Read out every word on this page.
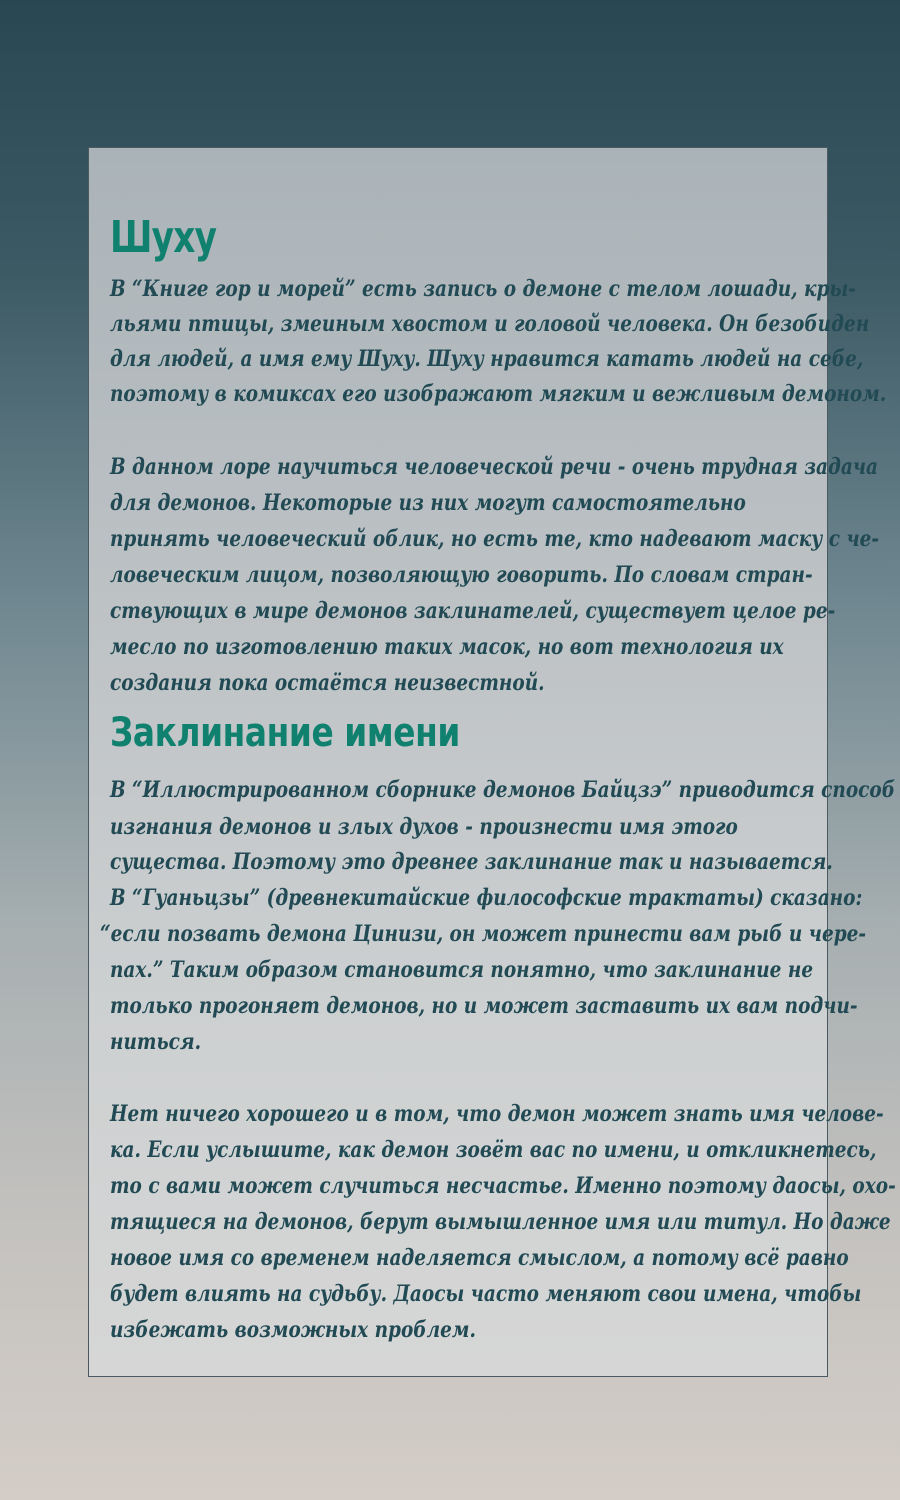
Шуху

В “Книге гор и морей” есть запись о демоне с телом лошади, кры-

льями птицы, змеиным хвостом и головой человека. Он безобиден

для людей, а имя ему Шуху. Шуху нравится катать людей на себе,

поэтому в комиксах его изображают мягким и вежливым демоном.

В данном лоре научиться человеческой речи - очень трудная задача

для демонов. Некоторые из них могут самостоятельно

принять человеческий облик, но есть те, кто надевают маску с че-

ловеческим лицом, позволяющую говорить. По словам стран-

ствующих в мире демонов заклинателей, существует целое ре-

месло по изготовлению таких масок, но вот технология их

создания пока остаётся неизвестной.

Заклинание имени

В “Иллюстрированном сборнике демонов Байцзэ” приводится способ

изгнания демонов и злых духов - произнести имя этого

существа. Поэтому это древнее заклинание так и называется.

В “Гуаньцзы” (древнекитайские философские трактаты) сказано:

“если позвать демона Цинизи, он может принести вам рыб и чере-

пах.” Таким образом становится понятно, что заклинание не

только прогоняет демонов, но и может заставить их вам подчи-

ниться.

Нет ничего хорошего и в том, что демон может знать имя челове-

ка. Если услышите, как демон зовёт вас по имени, и откликнетесь,

то с вами может случиться несчастье. Именно поэтому даосы, охо-

тящиеся на демонов, берут вымышленное имя или титул. Но даже

новое имя со временем наделяется смыслом, а потому всё равно

будет влиять на судьбу. Даосы часто меняют свои имена, чтобы

избежать возможных проблем.
